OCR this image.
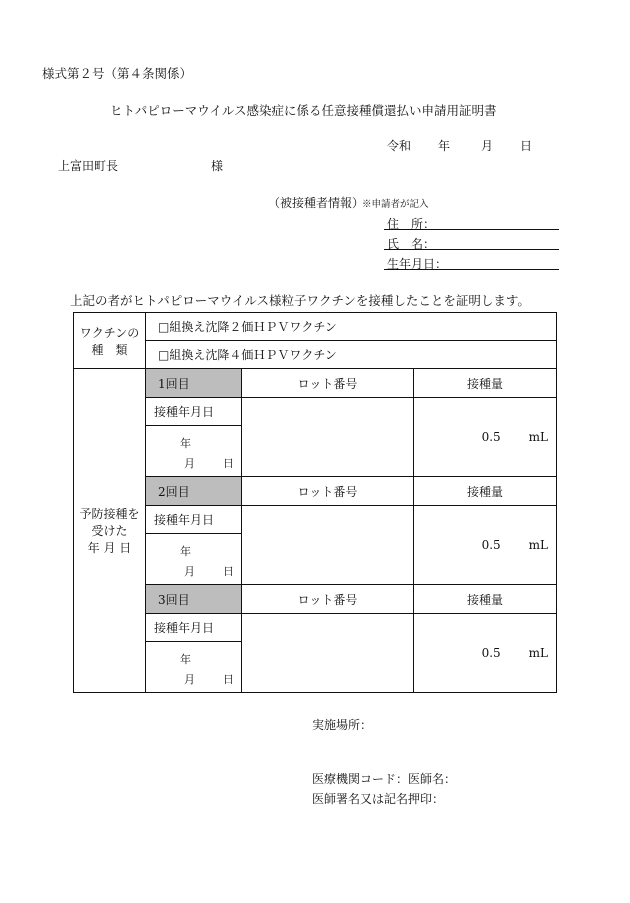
様式第２号（第４条関係）
ヒトパピローマウイルス感染症に係る任意接種償還払い申請用証明書
令和 年	月 日
上富田町長	様
（被接種者情報）
※申請者が記入
住　所：
氏　名：
生年月日：
上記の者がヒトパピローマウイルス様粒子ワクチンを接種したことを証明します。
ワクチンの
種　類	□組換え沈降２価ＨＰＶワクチン		
	□組換え沈降４価ＨＰＶワクチン		

予防接種を
受けた
年 月 日	1回目	ロット番号	接種量
	接種年月日		0.5 mL
	年		
	月 日		
	2回目	ロット番号	接種量
	接種年月日		0.5 mL
	年		
	月 日		
	3回目	ロット番号	接種量
	接種年月日		0.5 mL
	年		
	月 日		
実施場所：
医療機関コード：医師名：
医師署名又は記名押印：
